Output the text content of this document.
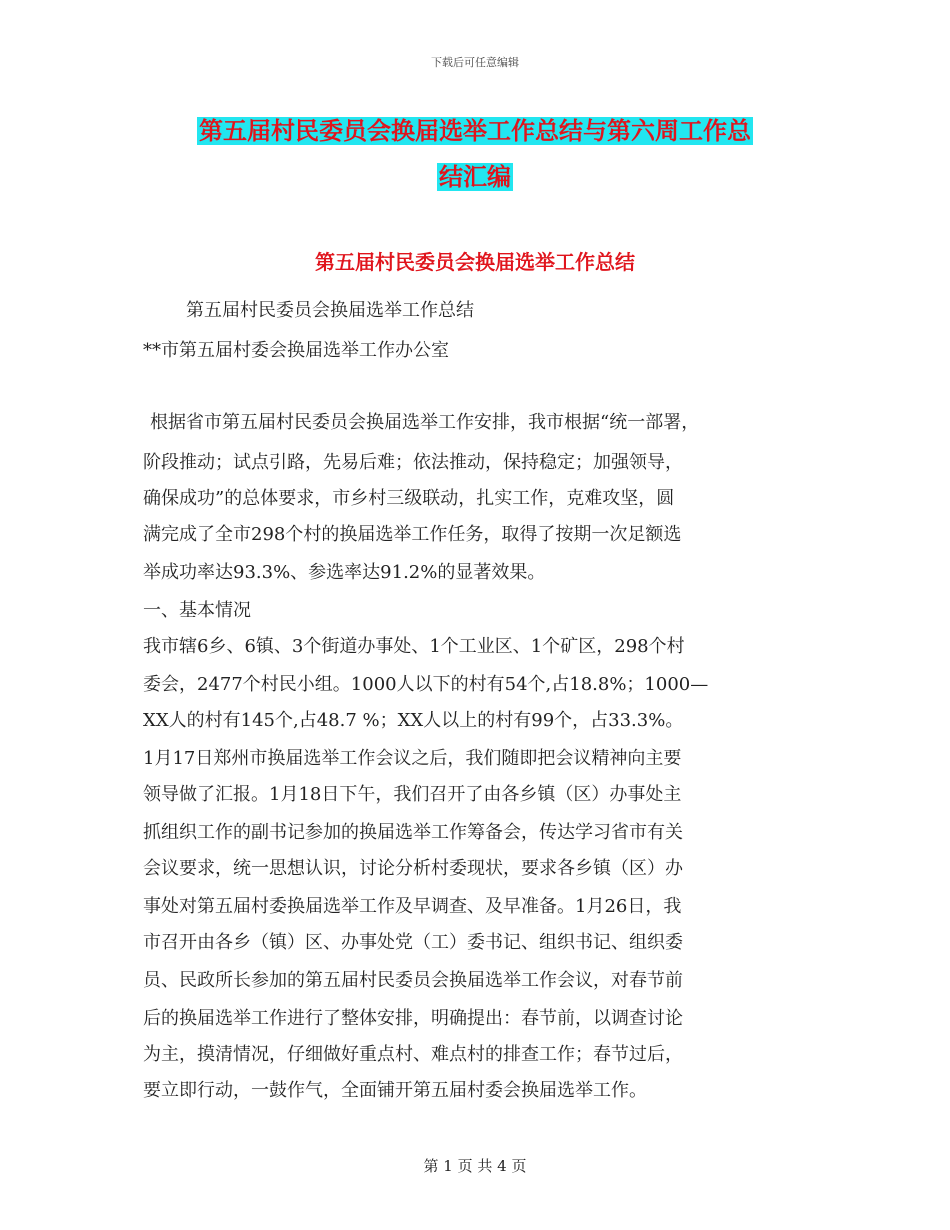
下载后可任意编辑
第五届村民委员会换届选举工作总结与第六周工作总
结汇编
第五届村民委员会换届选举工作总结
第五届村民委员会换届选举工作总结
**市第五届村委会换届选举工作办公室
根据省市第五届村民委员会换届选举工作安排，我市根据“统一部署，
阶段推动；试点引路，先易后难；依法推动，保持稳定；加强领导，
确保成功”的总体要求，市乡村三级联动，扎实工作，克难攻坚，圆
满完成了全市298个村的换届选举工作任务，取得了按期一次足额选
举成功率达93.3%、参选率达91.2%的显著效果。
一、基本情况
我市辖6乡、6镇、3个街道办事处、1个工业区、1个矿区，298个村
委会，2477个村民小组。1000人以下的村有54个,占18.8%；1000—
XX人的村有145个,占48.7 %；XX人以上的村有99个，占33.3%。
1月17日郑州市换届选举工作会议之后，我们随即把会议精神向主要
领导做了汇报。1月18日下午，我们召开了由各乡镇（区）办事处主
抓组织工作的副书记参加的换届选举工作筹备会，传达学习省市有关
会议要求，统一思想认识，讨论分析村委现状，要求各乡镇（区）办
事处对第五届村委换届选举工作及早调查、及早准备。1月26日，我
市召开由各乡（镇）区、办事处党（工）委书记、组织书记、组织委
员、民政所长参加的第五届村民委员会换届选举工作会议，对春节前
后的换届选举工作进行了整体安排，明确提出：春节前，以调查讨论
为主，摸清情况，仔细做好重点村、难点村的排查工作；春节过后，
要立即行动，一鼓作气，全面铺开第五届村委会换届选举工作。
第 1 页 共 4 页
